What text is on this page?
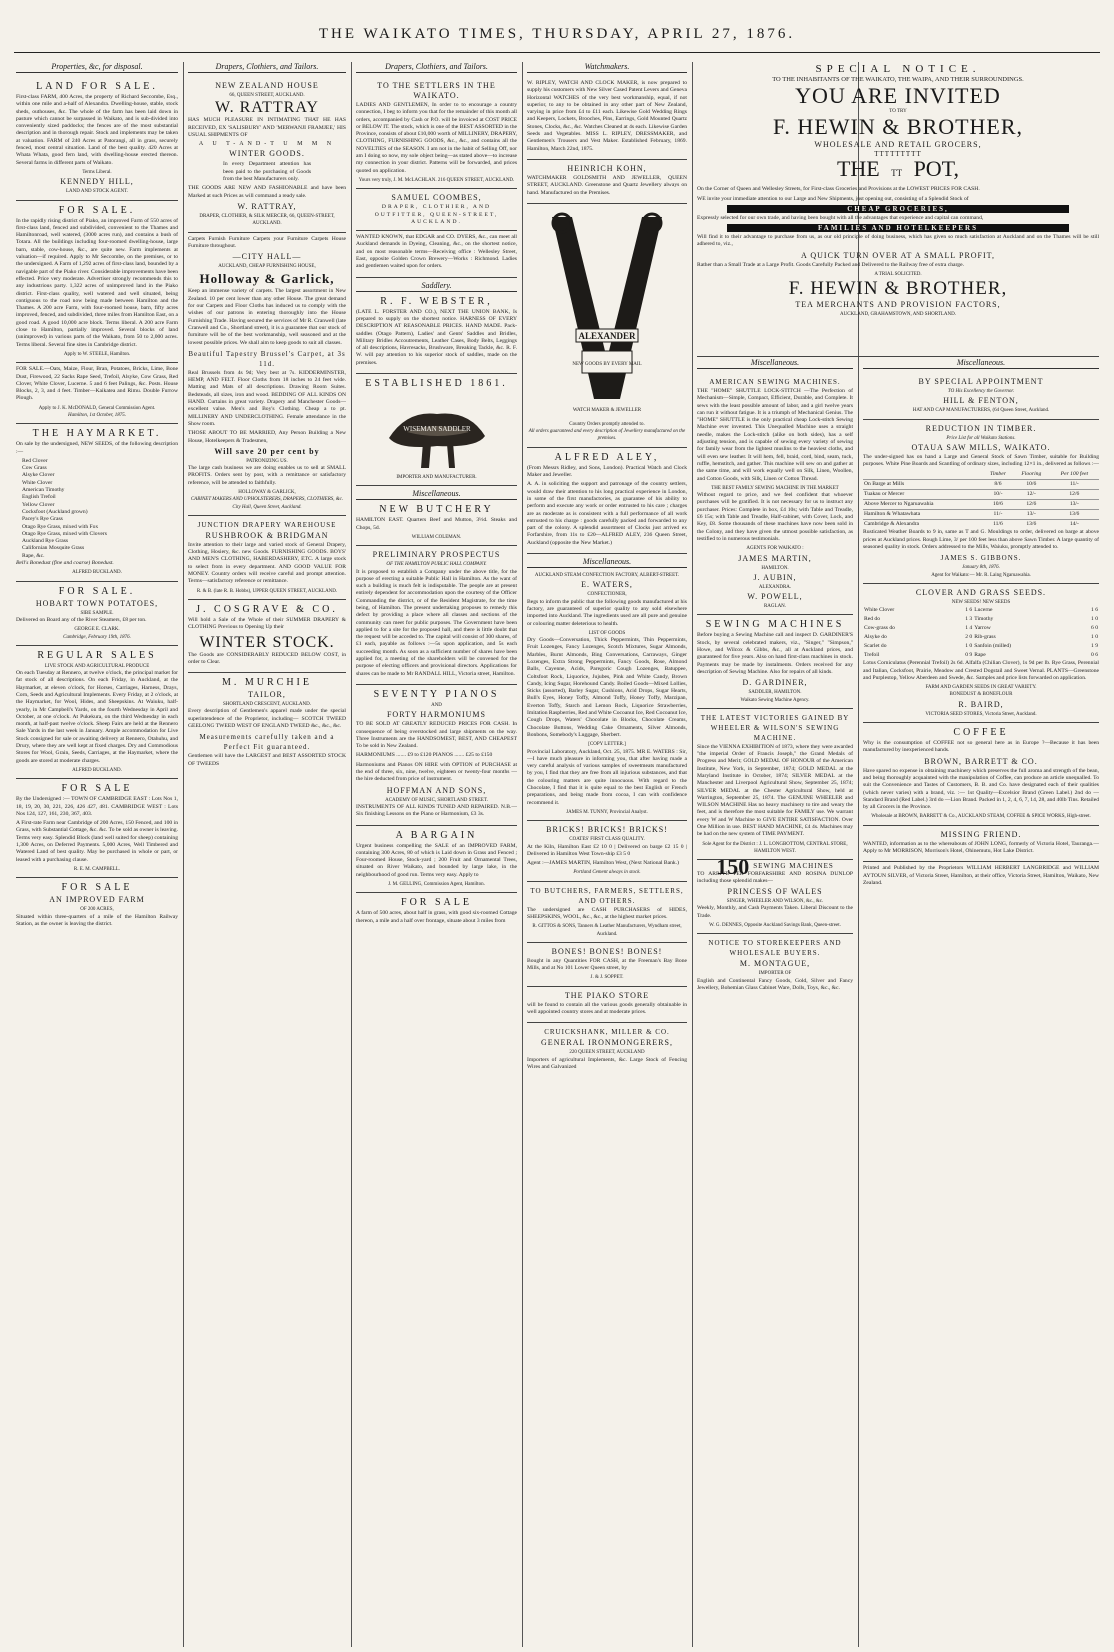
THE WAIKATO TIMES, THURSDAY, APRIL 27, 1876.
Properties, &c, for disposal.
LAND FOR SALE.

First-class FARM, 400 Acres, the property of Richard Seccombe, Esq., within one mile and a-half of Alexandra. Dwelling-house, stable, stock sheds, outhouses, &c. The whole of the farm has been laid down in pasture which cannot be surpassed in Waikato, and is sub-divided into conveniently sized paddocks; the fences are of the most substantial description and in thorough repair. Stock and implements may be taken at valuation. FARM of 240 Acres at Patorangi, all in grass, securely fenced, most central situation. Land of the best quality. 420 Acres at Whata Whata, good fern land, with dwelling-house erected thereon. Several farms in different parts of Waikato.

Terms Liberal.
KENNEDY HILL,
LAND AND STOCK AGENT.
FOR SALE.

In the rapidly rising district of Piako, an improved Farm of 550 acres of first-class land, fenced and subdivided, convenient to the Thames and Hamiltonroad, well watered, (3000 acres run), and contains a bush of Totara. All the buildings including four-roomed dwelling-house, large barn, stable, cow-house, &c., are quite new. Farm implements at valuation—if required. Apply to Mr Seccombe, on the premises, or to the undersigned. A Farm of 1,292 acres of first-class land, bounded by a navigable part of the Piako river. Considerable improvements have been effected. Price very moderate. Advertiser strongly recommends this to any industrious party. 1,322 acres of unimproved land in the Piako district. First-class quality, well watered and well situated, being contiguous to the road now being made between Hamilton and the Thames. A 200 acre Farm, with four-roomed house, barn, fifty acres improved, fenced, and subdivided, three miles from Hamilton East, on a good road. A good 10,000 acre block. Terms liberal. A 200 acre Farm close to Hamilton, partially improved. Several blocks of land (unimproved) in various parts of the Waikato, from 50 to 2,000 acres. Terms liberal. Several fine sites in Cambridge district.

Apply to W. STEELE, Hamilton.

FOR SALE.—Oats, Maize, Flour, Bran, Potatoes, Bricks, Lime, Bone Dust, Firewood, 22 Sacks Rape Seed, Trefoil, Alsyke, Cow Grass, Red Clover, White Clover, Lucerne. 5 and 6 feet Palings, &c. Posts. House Blocks, 2, 3, and 4 feet. Timber—Kaikatea and Rimu. Double Furrow Plough.

Apply to J. K. McDONALD, General Commission Agent.
Hamilton, 1st October, 1875.
THE HAYMARKET.

On sale by the undersigned, NEW SEEDS, of the following description :—

Red Clover
Cow Grass
Alsyke Clover
White Clover
American Timothy
English Trefoil
Yellow Clover
Cocksfoot (Auckland grown)
Pacey's Rye Grass
Otago Rye Grass, mixed with Fox
Otago Rye Grass, mixed with Clovers
Auckland Rye Grass
Californian Mosquite Grass
Rape, &c.

Bell's Bonedust (fine and coarse) Bonedust.

ALFRED BUCKLAND.
FOR SALE.
HOBART TOWN POTATOES,
SIBE SAMPLE.

Delivered on Board any of the River Steamers, £8 per ton.

GEORGE E. CLARK.
Cambridge, February 19th, 1876.
REGULAR SALES
LIVE STOCK AND AGRICULTURAL PRODUCE

On each Tuesday at Rennero, at twelve o'clock, the principal market for fat stock of all descriptions. On each Friday, in Auckland, at the Haymarket, at eleven o'clock, for Horses, Carriages, Harness, Drays, Corn, Seeds and Agricultural Implements. Every Friday, at 2 o'clock, at the Haymarket, for Wool, Hides, and Sheepskins. At Waiuku, half-yearly, in Mr Campbell's Yards, on the fourth Wednesday in April and October, at one o'clock. At Pukekura, on the third Wednesday in each month, at half-past twelve o'clock. Sheep Fairs are held at the Rennero Sale Yards in the last week in January. Ample accommodation for Live Stock consigned for sale or awaiting delivery at Rennero, Otahuhu, and Drury, where they are well kept at fixed charges. Dry and Commodious Stores for Wool, Grain, Seeds, Carriages, at the Haymarket, where the goods are stored at moderate charges.

ALFRED BUCKLAND.
FOR SALE

By the Undersigned :— TOWN OF CAMBRIDGE EAST : Lots Nos 1, 18, 19, 20, 30, 221, 226, 426 427, 481. CAMBRIDGE WEST : Lots Nos 124, 127, 161, 230, 367, 403.

A First-rate Farm near Cambridge of 200 Acres, 150 Fenced, and 100 in Grass, with Substantial Cottage, &c. &c. To be sold as owner is leaving. Terms very easy. Splendid Block (land well suited for sheep) containing 1,300 Acres, on Deferred Payments. 5,000 Acres, Well Timbered and Watered Land of best quality. May be purchased in whole or part, or leased with a purchasing clause.

R. E. M. CAMPBELL.
FOR SALE
AN IMPROVED FARM
OF 200 ACRES,

Situated within three-quarters of a mile of the Hamilton Railway Station, as the owner is leaving the district.

Drapers, Clothiers, and Tailors.
NEW ZEALAND HOUSE
66, QUEEN STREET, AUCKLAND.
W. RATTRAY

HAS MUCH PLEASURE IN INTIMATING THAT HE HAS RECEIVED, EX 'SALISBURY' AND 'MERWANJI FRAMJEE,' HIS USUAL SHIPMENTS OF

A U T-AND-T U M M N
WINTER GOODS.

In every Department attention has been paid to the purchasing of Goods from the best Manufacturers only.

THE GOODS ARE NEW AND FASHIONABLE and have been Marked at such Prices as will command a ready sale.

W. RATTRAY,
DRAPER, CLOTHIER, & SILK MERCER, 66, QUEEN-STREET, AUCKLAND.

Carpets Furnish Furniture Carpets your Furniture Carpets House Furniture throughout.

—CITY HALL—
AUCKLAND, CHEAP FURNISHING HOUSE,
Holloway & Garlick,

Keep an immense variety of carpets. The largest assortment in New Zealand. 10 per cent lower than any other House. The great demand for our Carpets and Floor Cloths has induced us to comply with the wishes of our patrons in entering thoroughly into the House Furnishing Trade. Having secured the services of Mr R. Cranwell (late Cranwell and Co., Shortland street), it is a guarantee that our stock of furniture will be of the best workmanship, well seasoned and at the lowest possible prices. We shall aim to keep goods to suit all classes.

Beautiful Tapestry Brussel's Carpet, at 3s 11d.

Real Brussels from 4s 9d; Very best at 7s. KIDDERMINSTER, HEMP, AND FELT. Floor Cloths from 18 inches to 24 feet wide. Matting and Mats of all descriptions. Drawing Room Suites. Bedsteads, all sizes, iron and wood. BEDDING OF ALL KINDS ON HAND. Curtains in great variety. Drapery and Manchester Goods—excellent value. Men's and Boy's Clothing. Cheap a to pt. MILLINERY AND UNDERCLOTHING. Female attendance in the Show room.

THOSE ABOUT TO BE MARRIED, Any Person Building a New House, Hotelkeepers & Tradesmen,

Will save 20 per cent by
PATRONIZING US.

The large cash business we are doing enables us to sell at SMALL PROFITS. Orders sent by post, with a remittance or satisfactory reference, will be attended to faithfully.

HOLLOWAY & GARLICK,
CABINET MAKERS AND UPHOLSTERERS, DRAPERS, CLOTHIERS, &c. City Hall, Queen Street, Auckland.
JUNCTION DRAPERY WAREHOUSE
RUSHBROOK & BRIDGMAN

Invite attention to their large and varied stock of General Drapery, Clothing, Hosiery, &c. new Goods. FURNISHING GOODS. BOYS' AND MEN'S CLOTHING, HABERDASHERY, ETC. A large stock to select from in every department. AND GOOD VALUE FOR MONEY. Country orders will receive careful and prompt attention. Terms—satisfactory reference or remittance.

R. & B. (late R. B. Hobbs), UPPER QUEEN STREET, AUCKLAND.
J. COSGRAVE & CO.

Will hold a Sale of the Whole of their SUMMER DRAPERY & CLOTHING Previous to Opening Up their

WINTER STOCK.

The Goods are CONSIDERABLY REDUCED BELOW COST, in order to Clear.

M. MURCHIE
TAILOR,
SHORTLAND CRESCENT, AUCKLAND.

Every description of Gentlemen's apparel made under the special superintendence of the Proprietor, including— SCOTCH TWEED GEELONG TWEED WEST OF ENGLAND TWEED &c., &c., &c.

Measurements carefully taken and a Perfect Fit guaranteed.

Gentlemen will have the LARGEST and BEST ASSORTED STOCK OF TWEEDS

Drapers, Clothiers, and Tailors.
TO THE SETTLERS IN THE WAIKATO.

LADIES AND GENTLEMEN, In order to to encourage a country connection, I beg to inform you that for the remainder of this month all orders, accompanied by Cash or P.O. will be invoiced at COST PRICE or BELOW IT. The stock, which is one of the BEST ASSORTED in the Province, consists of about £10,000 worth of MILLINERY, DRAPERY, CLOTHING, FURNISHING GOODS, &c., &c., and contains all the NOVELTIES of the SEASON. I am not in the habit of Selling Off, nor am I doing so now, my sole object being—as stated above—to increase my connection in your district. Patterns will be forwarded, and prices quoted on application.

Yours very truly, J. M. McLACHLAN. 216 QUEEN STREET, AUCKLAND.
SAMUEL COOMBES,
DRAPER, CLOTHIER, AND OUTFITTER, QUEEN-STREET, AUCKLAND.

WANTED KNOWN, that EDGAR and CO. DYERS, &c., can meet all Auckland demands in Dyeing, Cleaning, &c., on the shortest notice, and on most reasonable terms—Receiving office : Wellesley Street, East, opposite Golden Crown Brewery—Works : Richmond. Ladies and gentlemen waited upon for orders.

Saddlery.
R. F. WEBSTER,

(LATE L. FORSTER AND CO.), NEXT THE UNION BANK, Is prepared to supply on the shortest notice. HARNESS OF EVERY DESCRIPTION AT REASONABLE PRICES. HAND MADE. Pack-saddles (Otago Pattern), Ladies' and Gents' Saddles and Bridles, Military Bridles Accoutrements, Leather Cases, Body Belts, Leggings of all descriptions, Havresacks, Brushware, Breaking Tackle, &c. R. F. W. will pay attention to his superior stock of saddles, made on the premises.

ESTABLISHED 1861.
WISEMAN SADDLER
IMPORTER AND MANUFACTURER.
Miscellaneous.
NEW BUTCHERY

HAMILTON EAST. Quarters Beef and Mutton, 3½d. Steaks and Chops, 5d.

WILLIAM COLEMAN.
PRELIMINARY PROSPECTUS
OF THE HAMILTON PUBLIC HALL COMPANY.

It is proposed to establish a Company under the above title, for the purpose of erecting a suitable Public Hall in Hamilton. As the want of such a building is much felt is indisputable. The people are at present entirely dependent for accommodation upon the courtesy of the Officer Commanding the district, or of the Resident Magistrate, for the time being, of Hamilton. The present undertaking proposes to remedy this defect by providing a place where all classes and sections of the community can meet for public purposes. The Government have been applied to for a site for the proposed hall, and there is little doubt that the request will be acceded to. The capital will consist of 300 shares, of £1 each, payable as follows :—5s upon application, and 5s each succeeding month. As soon as a sufficient number of shares have been applied for, a meeting of the shareholders will be convened for the purpose of electing officers and provisional directors. Applications for shares can be made to Mr RANDALL HILL, Victoria street, Hamilton.

SEVENTY PIANOS
AND
FORTY HARMONIUMS

TO BE SOLD AT GREATLY REDUCED PRICES FOR CASH. In consequence of being overstocked and large shipments on the way. Three Instruments are the HANDSOMEST, BEST, AND CHEAPEST To be sold in New Zealand.

HARMONIUMS ....... £9 to £120 PIANOS ....... £25 to £150

Harmoniums and Pianos ON HIRE with OPTION of PURCHASE at the end of three, six, nine, twelve, eighteen or twenty-four months —the hire deducted from price of instrument.

HOFFMAN AND SONS,
ACADEMY OF MUSIC, SHORTLAND STREET.

INSTRUMENTS OF ALL KINDS TUNED AND REPAIRED. N.B.—Six finishing Lessons on the Piano or Harmonium, £3 3s.

A BARGAIN

Urgent business compelling the SALE of an IMPROVED FARM, containing 300 Acres, 80 of which is Laid down in Grass and Fenced ; Four-roomed House, Stock-yard ; 200 Fruit and Ornamental Trees, situated on River Waikato, and bounded by large lake, in the neighbourhood of good run. Terms very easy. Apply to

J. M. GELLING, Commission Agent, Hamilton.
FOR SALE

A farm of 500 acres, about half in grass, with good six-roomed Cottage thereon, a mile and a half over frontage, situate about 3 miles from

Watchmakers.

W. RIPLEY, WATCH AND CLOCK MAKER, is now prepared to supply his customers with New Silver Cased Patent Levers and Geneva Horizontal WATCHES of the very best workmanship, equal, if not superior, to any to be obtained in any other part of New Zealand, varying in price from £4 to £11 each. Likewise Gold Wedding Rings and Keepers, Lockets, Brooches, Pins, Earrings, Gold Mounted Quartz Stones, Clocks, &c., &c. Watches Cleaned at 4s each. Likewise Garden Seeds and Vegetables. MISS L. RIPLEY, DRESSMAKER, and Gentlemen's Trousers and Vest Maker. Established February, 1869. Hamilton, March 22nd, 1875.

HEINRICH KOHN,

WATCHMAKER GOLDSMITH AND JEWELLER, QUEEN STREET, AUCKLAND. Greenstone and Quartz Jewellery always on hand. Manufactured on the Premises.

ALEXANDER
NEW GOODS BY EVERY MAIL
WATCH MAKER & JEWELLER
Country Orders promptly attended to.
All orders guaranteed and every description of Jewellery manufactured on the premises.
ALFRED ALEY,

(From Messrs Ridley, and Sons, London). Practical Watch and Clock Maker and Jeweller.

A. A. in soliciting the support and patronage of the country settlers, would draw their attention to his long practical experience in London, in some of the first manufactories, as guarantee of his ability to perform and execute any work or order entrusted to his care ; charges are as moderate as is consistent with a full performance of all work entrusted to his charge : goods carefully packed and forwarded to any part of the colony. A splendid assortment of Clocks just arrived ex Forfarshire, from 11s to £20—ALFRED ALEY, 236 Queen Street, Auckland (opposite the New Market.)

Miscellaneous.
AUCKLAND STEAM CONFECTION FACTORY, ALBERT-STREET.
E. WATERS,
CONFECTIONER,

Begs to inform the public that the following goods manufactured at his factory, are guaranteed of superior quality to any sold elsewhere imported into Auckland. The ingredients used are all pure and genuine or colouring matter deleterious to health.

LIST OF GOODS

Dry Goods—Conversation, Thick Peppermints, Thin Peppermints, Fruit Lozenges, Fancy Lozenges, Scotch Mixtures, Sugar Almonds, Marbles, Burnt Almonds, Bing Conversations, Carraways, Ginger Lozenges, Extra Strong Peppermints, Fancy Goods, Rose, Almond Balls, Cayenne, Acids, Paregoric Cough Lozenges, Batuppee, Coltsfoot Rock, Liquorice, Jujubes, Pink and White Candy, Brown Candy, Icing Sugar, Horehound Candy. Boiled Goods—Mixed Lollies, Sticks (assorted), Barley Sugar, Cushions, Acid Drops, Sugar Hearts, Bull's Eyes, Honey Toffy, Almond Toffy, Honey Toffy, Marzipan, Everton Toffy, Starch and Lemon Rock, Liquorice Strawberries, Imitation Raspberries, Red and White Cocoanut Ice, Red Cocoanut Ice, Cough Drops, Waters' Chocolate in Blocks, Chocolate Creams, Chocolate Buttons, Wedding Cake Ornaments, Silver Almonds, Bonbons, Somebody's Luggage, Sherbert.

[COPY LETTER.]

Provincial Laboratory, Auckland, Oct. 25, 1875. MR E. WATERS : Sir,—I have much pleasure in informing you, that after having made a very careful analysis of various samples of sweetmeats manufactured by you, I find that they are free from all injurious substances, and that the colouring matters are quite innocuous. With regard to the Chocolate, I find that it is quite equal to the best English or French preparations, and being made from cocoa, I can with confidence recommend it.

JAMES M. TUNNY, Provincial Analyst.
BRICKS! BRICKS! BRICKS!
COATES' FIRST CLASS QUALITY.

At the Kiln, Hamilton East £2 10 0 | Delivered on barge £2 15 0 | Delivered in Hamilton West Town-ship £3 5 0

Agent :—JAMES MARTIN, Hamilton West, (Next National Bank.)

Portland Cement always in stock.
TO BUTCHERS, FARMERS, SETTLERS, AND OTHERS.

The undersigned are CASH PURCHASERS of HIDES, SHEEPSKINS, WOOL, &c., &c., at the highest market prices.

R. GITTOS & SONS, Tanners & Leather Manufacturers, Wyndham street, Auckland.
BONES! BONES! BONES!

Bought in any Quantities FOR CASH, at the Freeman's Bay Bone Mills, and at No 101 Lower Queen street, by

J. & J. SOPPET.
THE PIAKO STORE

will be found to contain all the various goods generally obtainable in well appointed country stores and at moderate prices.

CRUICKSHANK, MILLER & CO.
GENERAL IRONMONGERERS,
220 QUEEN STREET, AUCKLAND

Importers of agricultural Implements, &c. Large Stock of Fencing Wires and Galvanized

SPECIAL NOTICE.
TO THE INHABITANTS OF THE WAIKATO, THE WAIPA, AND THEIR SURROUNDINGS.
YOU ARE INVITED
TO TRY
F. HEWIN & BROTHER,
WHOLESALE AND RETAIL GROCERS,
TTTTTTTTT
THE TT POT,

On the Corner of Queen and Wellesley Streets, for First-class Groceries and Provisions at the LOWEST PRICES FOR CASH.

WE invite your immediate attention to our Large and New Shipments, just opening out, consisting of a Splendid Stock of

CHEAP GROCERIES,

Expressly selected for our own trade, and having been bought with all the advantages that experience and capital can command,

FAMILIES AND HOTELKEEPERS

Will find it to their advantage to purchase from us, as our old principle of doing business, which has given so much satisfaction at Auckland and on the Thames will be still adhered to, viz.,

A QUICK TURN OVER AT A SMALL PROFIT,

Rather than a Small Trade at a Large Profit. Goods Carefully Packed and Delivered to the Railway free of extra charge.

A TRIAL SOLICITED.
F. HEWIN & BROTHER,
TEA MERCHANTS AND PROVISION FACTORS,
AUCKLAND, GRAHAMSTOWN, AND SHORTLAND.
Miscellaneous.
AMERICAN SEWING MACHINES.

THE "HOME" SHUTTLE LOCK-STITCH —The Perfection of Mechanism—Simple, Compact, Efficient, Durable, and Complete. It sews with the least possible amount of labor, and a girl twelve years can run it without fatigue. It is a triumph of Mechanical Genius. The "HOME" SHUTTLE is the only practical cheap Lock-stitch Sewing Machine ever invented. This Unequalled Machine uses a straight needle, makes the Lock-stitch (alike on both sides), has a self adjusting tension, and is capable of sewing every variety of sewing for family wear from the lightest muslins to the heaviest cloths, and will even sew leather. It will hem, fell, braid, cord, bind, seam, tuck, ruffle, hemstitch, and gather. This machine will sew on and gather at the same time, and will work equally well on Silk, Linen, Woollen, and Cotton Goods, with Silk, Linen or Cotton Thread.

THE BEST FAMILY SEWING MACHINE IN THE MARKET

Without regard to price, and we feel confident that whoever purchases will be gratified. It is not necessary for us to instruct any purchaser. Prices: Complete in box, £4 10s; with Table and Treadle, £6 15s; with Table and Treadle, Half-cabinet, with Cover, Lock, and Key, £8. Some thousands of these machines have now been sold in the Colony, and they have given the utmost possible satisfaction, as testified to in numerous testimonials.

AGENTS FOR WAIKATO :
JAMES MARTIN,
HAMILTON.
J. AUBIN,
ALEXANDRA.
W. POWELL,
RAGLAN.
SEWING MACHINES

Before buying a Sewing Machine call and inspect D. GARDINER'S Stock, by several celebrated makers, viz., "Singer," "Simpson," Howe, and Wilcox & Gibbs, &c., all at Auckland prices, and guaranteed for five years. Also on hand first-class machines in stock. Payments may be made by instalments. Orders received for any description of Sewing Machine. Also for repairs of all kinds.

D. GARDINER,
SADDLER, HAMILTON.
Waikato Sewing Machine Agency.
THE LATEST VICTORIES GAINED BY WHEELER & WILSON'S SEWING MACHINE.

Since the VIENNA EXHIBITION of 1873, where they were awarded "the imperial Order of Francis Joseph," the Grand Medals of Progress and Merit; GOLD MEDAL OF HONOUR of the American Institute, New York, in September, 1874; GOLD MEDAL at the Maryland Institute in October, 1874; SILVER MEDAL at the Manchester and Liverpool Agricultural Show, September 25, 1874; SILVER MEDAL at the Chester Agricultural Show, held at Warrington, September 25, 1874. The GENUINE WHEELER and WILSON MACHINE Has no heavy machinery to tire and weary the feet, and is therefore the most suitable for FAMILY use. We warrant every W and W Machine to GIVE ENTIRE SATISFACTION. Over One Million in use. BEST HAND MACHINE, £4 4s. Machines may be had on the new system of TIME PAYMENT.

Sole Agent for the District : J. L. LONGBOTTOM, CENTRAL STORE, HAMILTON WEST.
150 SEWING MACHINES

TO ARRIVE PER FORFARSHIRE AND ROSINA DUNLOP including those splendid makes—

PRINCESS OF WALES
SINGER, WHEELER AND WILSON, &c., &c.

Weekly, Monthly, and Cash Payments Taken. Liberal Discount to the Trade.

W. G. DENNES, Opposite Auckland Savings Bank, Queen-street.
NOTICE TO STOREKEEPERS AND WHOLESALE BUYERS.
M. MONTAGUE,
IMPORTER OF

English and Continental Fancy Goods, Gold, Silver and Fancy Jewellery, Bohemian Glass Cabinet Ware, Dolls, Toys, &c., &c.

Miscellaneous.
BY SPECIAL APPOINTMENT
TO His Excellency the Governor.
HILL & FENTON,
HAT AND CAP MANUFACTURERS, (64 Queen Street, Auckland.
REDUCTION IN TIMBER.
Price List for all Waikato Stations.
OTAUA SAW MILLS, WAIKATO.

The under-signed has on hand a Large and General Stock of Sawn Timber, suitable for Building purposes. White Pine Boards and Scantling of ordinary sizes, including 12×1 in., delivered as follows :—

	Timber	Flooring	Per 100 feet
On Barge at Mills	8/6	10/6	11/-
Tuakau or Mercer	10/-	12/-	12/6
Above Mercer to Ngaruawahia	10/6	12/6	13/-
Hamilton & Whatawhata	11/-	13/-	13/6
Cambridge & Alexandra	11/6	13/6	14/-

Rusticated Weather Boards to 9 in, same as T and G. Mouldings to order, delivered on barge at above prices at Auckland prices. Rough Lime, 3/ per 100 feet less than above Sawn Timber. A large quantity of seasoned quality in stock. Orders addressed to the Mills, Waiuku, promptly attended to.

JAMES S. GIBBONS.
January 8th, 1876.
Agent for Waikato:— Mr. R. Laing Ngaruawahia.
CLOVER AND GRASS SEEDS.
NEW SEEDS! NEW SEEDS
White Clover	1 6	Lucerne	1 6
Red do	1 3	Timothy	1 0
Cow-grass do	1 4	Yarrow	6 0
Alsyke do	2 0	Rib-grass	1 0
Scarlet do	1 0	Sanfoin (milled)	1 9
Trefoil	0 9	Rape	0 6

Lotus Corniculatus (Perennial Trefoil) 2s 6d. Alfalfa (Chilian Clover), 1s 9d per lb. Rye Grass, Perennial and Italian, Cocksfoot, Prairie, Meadow and Crested Dogstail and Sweet Vernal. PLANTS—Greenstone and Purplestop, Yellow Aberdeen and Swede, &c. Samples and price lists forwarded on application.

FARM AND GARDEN SEEDS IN GREAT VARIETY.
BONEDUST & BONEFLOUR
R. BAIRD,
VICTORIA SEED STORES, Victoria Street, Auckland.
COFFEE

Why is the consumption of COFFEE not so general here as in Europe ?—Because it has been manufactured by inexperienced hands.

BROWN, BARRETT & CO.

Have spared no expense in obtaining machinery which preserves the full aroma and strength of the bean, and being thoroughly acquainted with the manipulation of Coffee, can produce an article unequalled. To suit the Convenience and Tastes of Customers, B. B. and Co. have designated each of their qualities (which never varies) with a brand, viz. :— 1st Quality—Excelsior Brand (Green Label.) 2nd do —Standard Brand (Red Label.) 3rd do —Lion Brand. Packed in 1, 2, 4, 6, 7, 14, 28, and 40lb Tins. Retailed by all Grocers in the Province.

Wholesale at BROWN, BARRETT & Co., AUCKLAND STEAM, COFFEE & SPICE WORKS, High-street.
MISSING FRIEND.

WANTED, information as to the whereabouts of JOHN LONG, formerly of Victoria Hotel, Tauranga.—Apply to Mr MORRISON, Morrison's Hotel, Ohinemutu, Hot Lake District.

Printed and Published by the Proprietors WILLIAM HERBERT LANGBRIDGE and WILLIAM AYTOUN SILVER, of Victoria Street, Hamilton, at their office, Victoria Street, Hamilton, Waikato, New Zealand.
